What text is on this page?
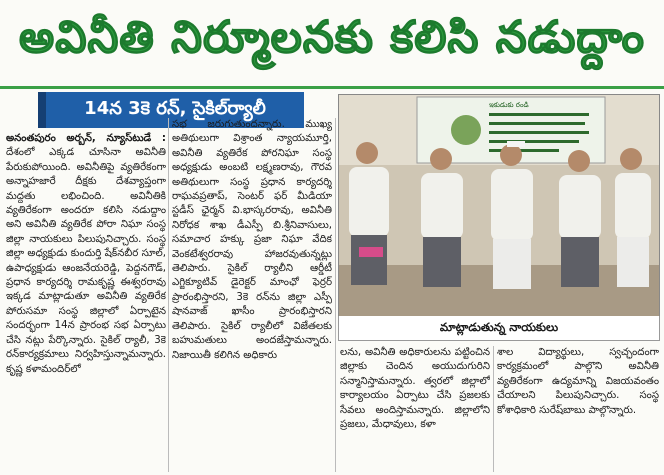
అవినీతి నిర్మూలనకు కలిసి నడుద్దాం
14న 3కె రన్, సైకిల్‌ర్యాలీ

అనంతపురం అర్బన్, న్యూస్‌టుడే : దేశంలో ఎక్కడ చూసినా అవినీతి పేరుకుపోయింది. అవినీతిపై వ్యతిరేకంగా అన్నాహజారే దీక్షకు దేశవ్యాప్తంగా మద్దతు లభించింది. అవినీతికి వ్యతిరేకంగా అందరూ కలిసి నడుద్దాం అని అవినీతి వ్యతిరేక పోరా నిఘా సంస్థ జిల్లా నాయకులు పిలుపునిచ్చారు. సంస్థ జిల్లా అధ్యక్షుడు కుందుర్తి షేక్‌నబీర సూల్, ఉపాధ్యక్షుడు ఆంజనేయరెడ్డి, పెద్దనగౌడ్, ప్రధాన కార్యదర్శి రామకృష్ణ ఈశ్వరరావు ఇక్కడ మాట్లాడుతూ అవినీతి వ్యతిరేక పోరుసమా సంస్థ జిల్లాలో ఏర్పాటైన సందర్భంగా 14న ప్రారంభ సభ ఏర్పాటు చేసి నట్లు పేర్కొన్నారు. సైకిల్ ర్యాలీ, 3కె రన్‌కార్యక్రమాలు నిర్వహిస్తున్నామన్నారు. కృష్ణ కళామందిర్‌లో

సభ జరుగుతుందన్నారు. ముఖ్య అతిథులుగా విశ్రాంత న్యాయమూర్తి, అవినీతి వ్యతిరేక పోరనిఘా సంస్థ అధ్యక్షుడు అంబటి లక్ష్మణరావు, గౌరవ అతిథులుగా సంస్థ ప్రధాన కార్యదర్శి రాఘవప్రతాప్, సెంటర్ ఫర్ మీడియా స్టడీస్ ఛైర్మన్ వి.భాస్కరరావు, అవినీతి నిరోధక శాఖ డీఎస్పీ బి.శ్రీనివాసులు, సమాచార హక్కు ప్రజా నిఘా వేదిక వెంకటేశ్వరరావు హాజరవుతున్నట్లు తెలిపారు. సైకిల్ ర్యాలీని ఆర్డీటీ ఎగ్జిక్యూటివ్ డైరెక్టర్ మాంఛో ఫెర్రర్ ప్రారంభిస్తారని, 3కె రన్‌ను జిల్లా ఎస్పీ షానవాజ్ ఖాసీం ప్రారంభిస్తారని తెలిపారు. సైకిల్ ర్యాలీలో విజేతలకు బహుమతులు అందజేస్తామన్నారు. నిజాయితీ కలిగిన అధికారు

ఇకుడుకు రండి
మాట్లాడుతున్న నాయకులు

లను, అవినీతి అధికారులను పట్టించిన జిల్లాకు చెందిన అయుదుగురిని సన్మానిస్తామన్నారు. త్వరలో జిల్లాలో కార్యాలయం ఏర్పాటు చేసి ప్రజలకు సేవలు అందిస్తామన్నారు. జిల్లాలోని ప్రజలు, మేధావులు, కళా

శాల విద్యార్థులు, స్వచ్ఛందంగా కార్యక్రమంలో పాల్గొని అవినీతి వ్యతిరేకంగా ఉద్యమాన్ని విజయవంతం చేయాలని పిలుపునిచ్చారు. సంస్థ కోశాధికారి సురేష్‌బాబు పాల్గొన్నారు.
